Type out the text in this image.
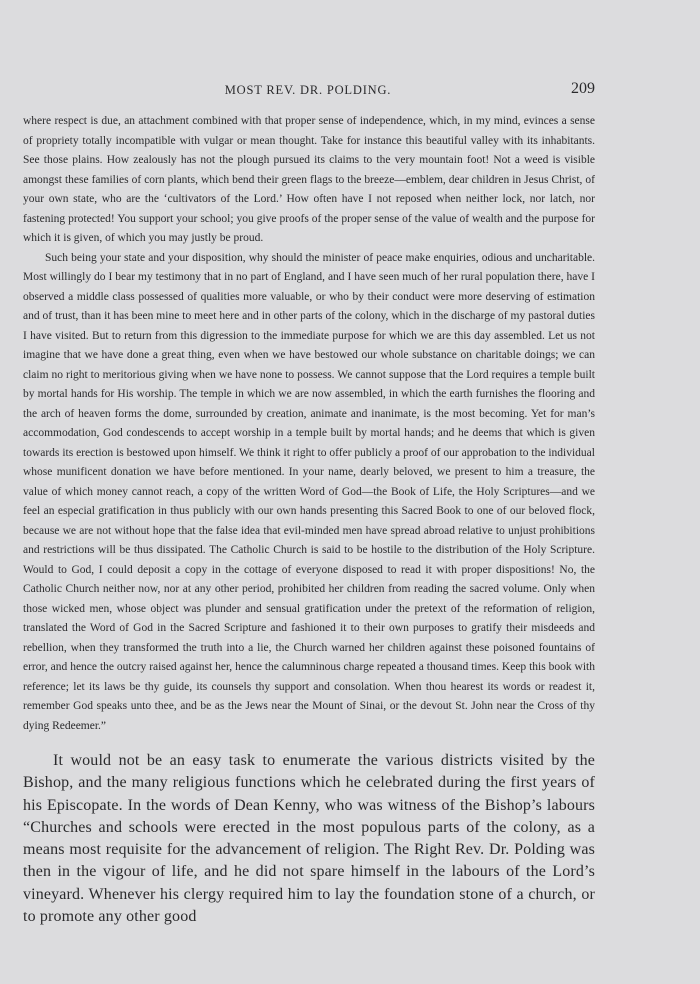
MOST REV. DR. POLDING.	209

where respect is due, an attachment combined with that proper sense of independence, which, in my mind, evinces a sense of propriety totally incompatible with vulgar or mean thought. Take for instance this beautiful valley with its inhabitants. See those plains. How zealously has not the plough pursued its claims to the very mountain foot! Not a weed is visible amongst these families of corn plants, which bend their green flags to the breeze—emblem, dear children in Jesus Christ, of your own state, who are the ‘cultivators of the Lord.’ How often have I not reposed when neither lock, nor latch, nor fastening protected! You support your school; you give proofs of the proper sense of the value of wealth and the purpose for which it is given, of which you may justly be proud.

Such being your state and your disposition, why should the minister of peace make enquiries, odious and uncharitable. Most willingly do I bear my testimony that in no part of England, and I have seen much of her rural population there, have I observed a middle class possessed of qualities more valuable, or who by their conduct were more deserving of estimation and of trust, than it has been mine to meet here and in other parts of the colony, which in the discharge of my pastoral duties I have visited. But to return from this digression to the immediate purpose for which we are this day assembled. Let us not imagine that we have done a great thing, even when we have bestowed our whole substance on charitable doings; we can claim no right to meritorious giving when we have none to possess. We cannot suppose that the Lord requires a temple built by mortal hands for His worship. The temple in which we are now assembled, in which the earth furnishes the flooring and the arch of heaven forms the dome, surrounded by creation, animate and inanimate, is the most becoming. Yet for man’s accommodation, God condescends to accept worship in a temple built by mortal hands; and he deems that which is given towards its erection is bestowed upon himself. We think it right to offer publicly a proof of our approbation to the individual whose munificent donation we have before mentioned. In your name, dearly beloved, we present to him a treasure, the value of which money cannot reach, a copy of the written Word of God—the Book of Life, the Holy Scriptures—and we feel an especial gratification in thus publicly with our own hands presenting this Sacred Book to one of our beloved flock, because we are not without hope that the false idea that evil-minded men have spread abroad relative to unjust prohibitions and restrictions will be thus dissipated. The Catholic Church is said to be hostile to the distribution of the Holy Scripture. Would to God, I could deposit a copy in the cottage of everyone disposed to read it with proper dispositions! No, the Catholic Church neither now, nor at any other period, prohibited her children from reading the sacred volume. Only when those wicked men, whose object was plunder and sensual gratification under the pretext of the reformation of religion, translated the Word of God in the Sacred Scripture and fashioned it to their own purposes to gratify their misdeeds and rebellion, when they transformed the truth into a lie, the Church warned her children against these poisoned fountains of error, and hence the outcry raised against her, hence the calumninous charge repeated a thousand times. Keep this book with reference; let its laws be thy guide, its counsels thy support and consolation. When thou hearest its words or readest it, remember God speaks unto thee, and be as the Jews near the Mount of Sinai, or the devout St. John near the Cross of thy dying Redeemer.”

It would not be an easy task to enumerate the various districts visited by the Bishop, and the many religious functions which he celebrated during the first years of his Episcopate. In the words of Dean Kenny, who was witness of the Bishop’s labours “Churches and schools were erected in the most populous parts of the colony, as a means most requisite for the advancement of religion. The Right Rev. Dr. Polding was then in the vigour of life, and he did not spare himself in the labours of the Lord’s vineyard. Whenever his clergy required him to lay the foundation stone of a church, or to promote any other good
